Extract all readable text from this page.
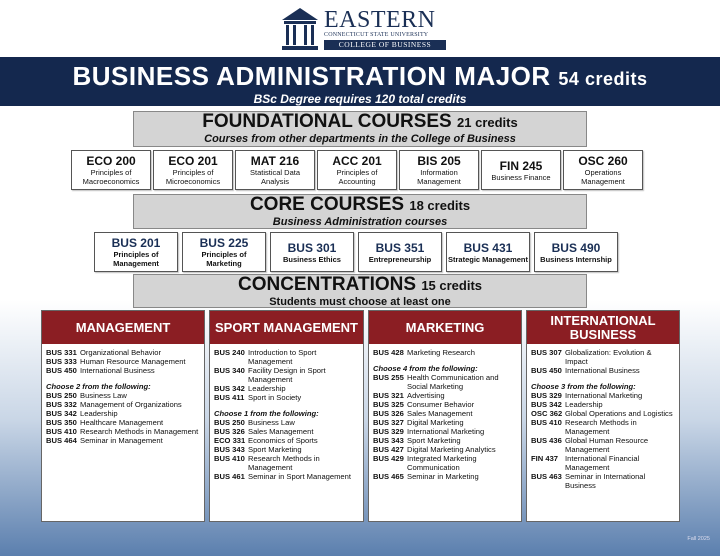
EASTERN
CONNECTICUT STATE UNIVERSITY
COLLEGE OF BUSINESS
BUSINESS ADMINISTRATION MAJOR 54 credits
BSc Degree requires 120 total credits
FOUNDATIONAL COURSES 21 credits
Courses from other departments in the College of Business
ECO 200
Principles of Macroeconomics
ECO 201
Principles of Microeconomics
MAT 216
Statistical Data Analysis
ACC 201
Principles of Accounting
BIS 205
Information Management
FIN 245
Business Finance
OSC 260
Operations Management
CORE COURSES 18 credits
Business Administration courses
BUS 201
Principles of Management
BUS 225
Principles of Marketing
BUS 301
Business Ethics
BUS 351
Entrepreneurship
BUS 431
Strategic Management
BUS 490
Business Internship
CONCENTRATIONS 15 credits
Students must choose at least one
MANAGEMENT
BUS 331 Organizational Behavior
BUS 333 Human Resource Management
BUS 450 International Business
Choose 2 from the following:
BUS 250 Business Law
BUS 332 Management of Organizations
BUS 342 Leadership
BUS 350 Healthcare Management
BUS 410 Research Methods in Management
BUS 464 Seminar in Management
SPORT MANAGEMENT
BUS 240 Introduction to Sport Management
BUS 340 Facility Design in Sport Management
BUS 342 Leadership
BUS 411 Sport in Society
Choose 1 from the following:
BUS 250 Business Law
BUS 326 Sales Management
ECO 331 Economics of Sports
BUS 343 Sport Marketing
BUS 410 Research Methods in Management
BUS 461 Seminar in Sport Management
MARKETING
BUS 428 Marketing Research
Choose 4 from the following:
BUS 255 Health Communication and Social Marketing
BUS 321 Advertising
BUS 325 Consumer Behavior
BUS 326 Sales Management
BUS 327 Digital Marketing
BUS 329 International Marketing
BUS 343 Sport Marketing
BUS 427 Digital Marketing Analytics
BUS 429 Integrated Marketing Communication
BUS 465 Seminar in Marketing
INTERNATIONAL BUSINESS
BUS 307 Globalization: Evolution & Impact
BUS 450 International Business
Choose 3 from the following:
BUS 329 International Marketing
BUS 342 Leadership
OSC 362 Global Operations and Logistics
BUS 410 Research Methods in Management
BUS 436 Global Human Resource Management
FIN 437 International Financial Management
BUS 463 Seminar in International Business
Fall 2025
